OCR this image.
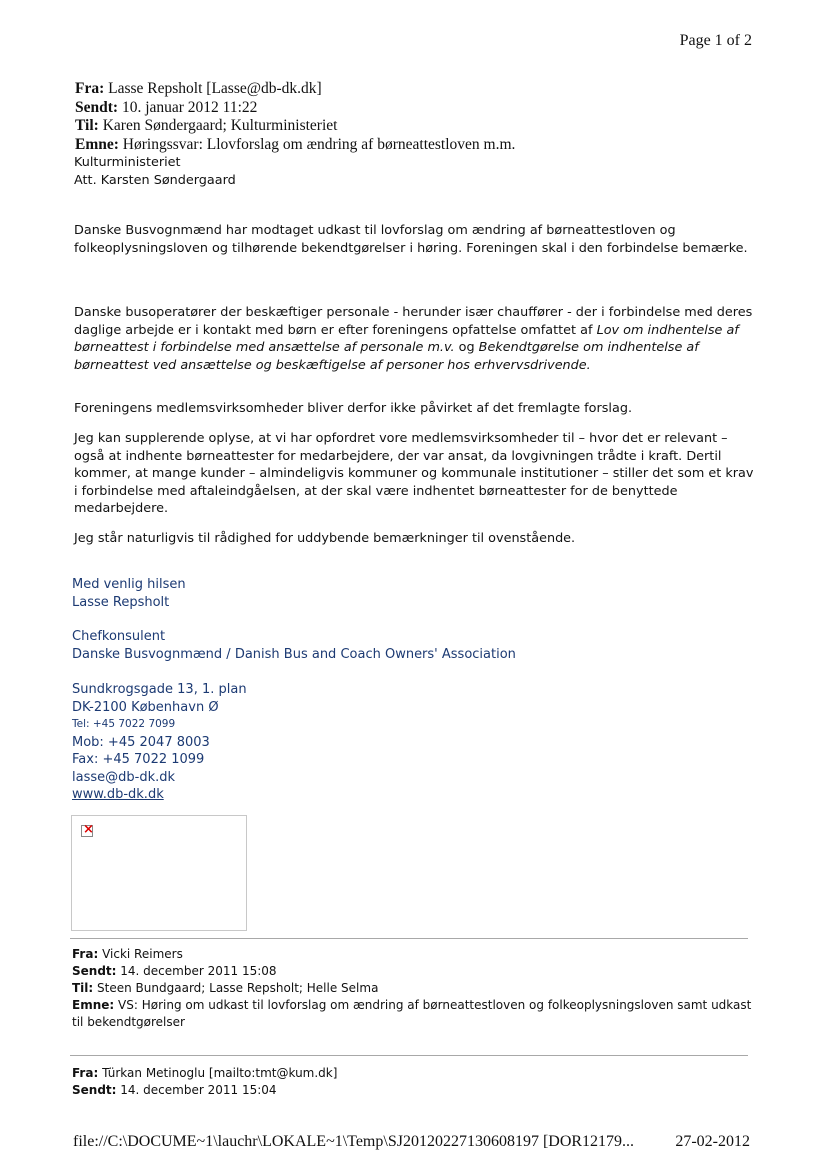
Page 1 of 2
Fra: Lasse Repsholt [Lasse@db-dk.dk]
Sendt: 10. januar 2012 11:22
Til: Karen Søndergaard; Kulturministeriet
Emne: Høringssvar: Llovforslag om ændring af børneattestloven m.m.
Kulturministeriet
Att. Karsten Søndergaard
Danske Busvognmænd har modtaget udkast til lovforslag om ændring af børneattestloven og folkeoplysningsloven og tilhørende bekendtgørelser i høring. Foreningen skal i den forbindelse bemærke.
Danske busoperatører der beskæftiger personale - herunder især chauffører - der i forbindelse med deres daglige arbejde er i kontakt med børn er efter foreningens opfattelse omfattet af Lov om indhentelse af børneattest i forbindelse med ansættelse af personale m.v. og Bekendtgørelse om indhentelse af børneattest ved ansættelse og beskæftigelse af personer hos erhvervsdrivende.
Foreningens medlemsvirksomheder bliver derfor ikke påvirket af det fremlagte forslag.
Jeg kan supplerende oplyse, at vi har opfordret vore medlemsvirksomheder til – hvor det er relevant – også at indhente børneattester for medarbejdere, der var ansat, da lovgivningen trådte i kraft. Dertil kommer, at mange kunder – almindeligvis kommuner og kommunale institutioner – stiller det som et krav i forbindelse med aftaleindgåelsen, at der skal være indhentet børneattester for de benyttede medarbejdere.
Jeg står naturligvis til rådighed for uddybende bemærkninger til ovenstående.
Med venlig hilsen
Lasse Repsholt
Chefkonsulent
Danske Busvognmænd / Danish Bus and Coach Owners' Association
Sundkrogsgade 13, 1. plan
DK-2100 København Ø
Tel: +45 7022 7099
Mob: +45 2047 8003
Fax: +45 7022 1099
lasse@db-dk.dk
www.db-dk.dk
×
Fra: Vicki Reimers
Sendt: 14. december 2011 15:08
Til: Steen Bundgaard; Lasse Repsholt; Helle Selma
Emne: VS: Høring om udkast til lovforslag om ændring af børneattestloven og folkeoplysningsloven samt udkast til bekendtgørelser
Fra: Türkan Metinoglu [mailto:tmt@kum.dk]
Sendt: 14. december 2011 15:04
file://C:\DOCUME~1\lauchr\LOKALE~1\Temp\SJ20120227130608197 [DOR12179...	27-02-2012
